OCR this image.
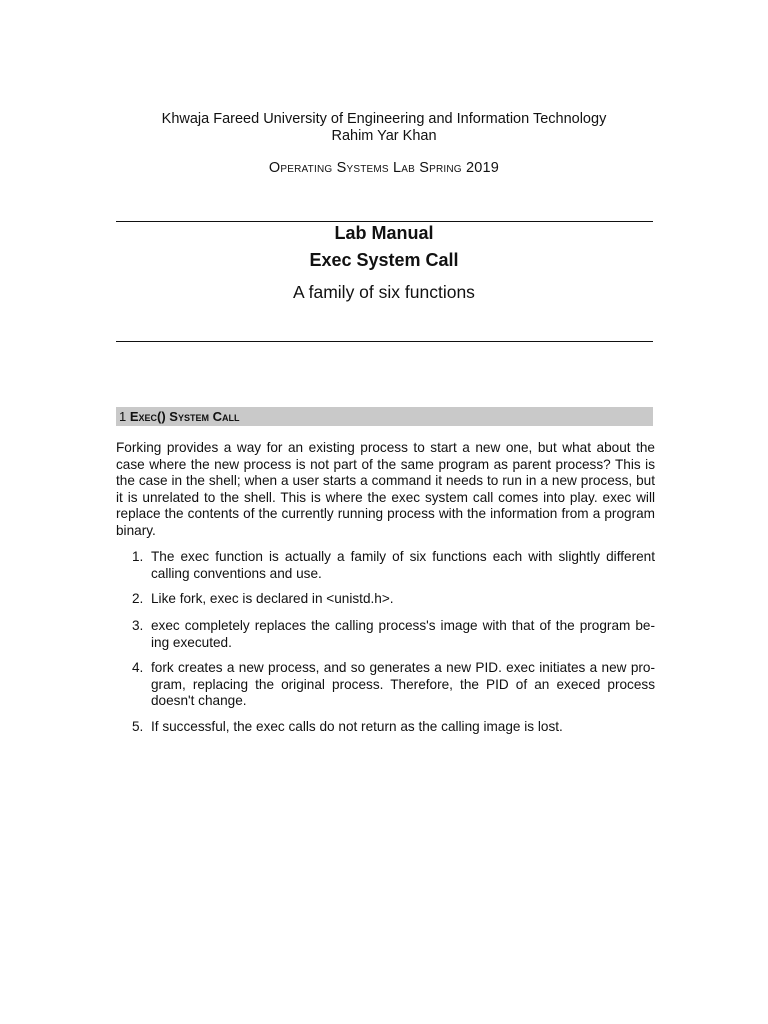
Khwaja Fareed University of Engineering and Information Technology
Rahim Yar Khan
Operating Systems Lab Spring 2019
Lab Manual
Exec System Call
A family of six functions
1 Exec() System Call

Forking provides a way for an existing process to start a new one, but what about the case where the new process is not part of the same program as parent process? This is the case in the shell; when a user starts a command it needs to run in a new process, but it is unrelated to the shell. This is where the exec system call comes into play. exec will replace the contents of the currently running process with the information from a program binary.

1. The exec function is actually a family of six functions each with slightly different calling conventions and use.
2. Like fork, exec is declared in <unistd.h>.
3. exec completely replaces the calling process's image with that of the program be-ing executed.
4. fork creates a new process, and so generates a new PID. exec initiates a new pro-gram, replacing the original process. Therefore, the PID of an execed process doesn't change.
5. If successful, the exec calls do not return as the calling image is lost.
